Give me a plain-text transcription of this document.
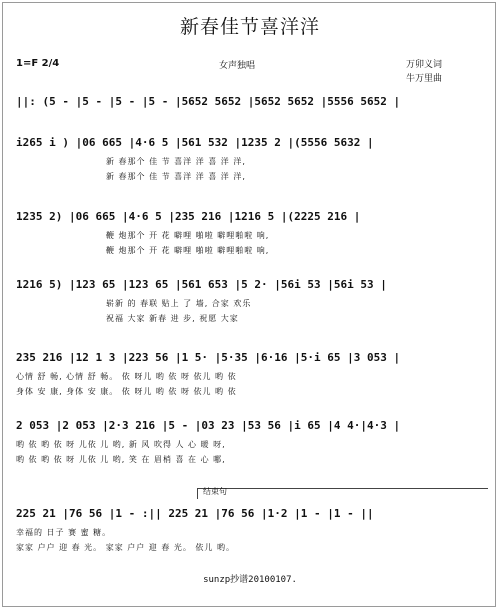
新春佳节喜洋洋
1=F 2/4	女声独唱	万卯义词
牛万里曲
||: (5 - |5 - |5 - |5 - |5652 5652 |5652 5652 |5556 5652 |
i265 i ) |06 665 |4·6 5 |561 532 |1235 2 |(5556 5632 |
新 春那个 佳 节 喜洋 洋 喜 洋 洋,
新 春那个 佳 节 喜洋 洋 喜 洋 洋,
1235 2) |06 665 |4·6 5 |235 216 |1216 5 |(2225 216 |
鞭 炮那个 开 花 噼哩 啪啦 噼哩啪啦 响,
鞭 炮那个 开 花 噼哩 啪啦 噼哩啪啦 响,
1216 5) |123 65 |123 65 |561 653 |5 2· |56i 53 |56i 53 |
崭新 的 春联 贴上 了 墙, 合家 欢乐
祝福 大家 新春 进 步, 祝愿 大家
235 216 |12 1 3 |223 56 |1 5· |5·35 |6·16 |5·i 65 |3 053 |
心情 舒 畅, 心情 舒 畅。 依 呀儿 哟 依 呀 依儿 哟 依
身体 安 康, 身体 安 康。 依 呀儿 哟 依 呀 依儿 哟 依
2 053 |2 053 |2·3 216 |5 - |03 23 |53 56 |i 65 |4 4·|4·3 |
哟 依 哟 依 呀 儿依 儿 哟, 新 风 吹得 人 心 暖 呀,
哟 依 哟 依 呀 儿依 儿 哟, 笑 在 眉梢 喜 在 心 哪,
结束句
225 21 |76 56 |1 - :|| 225 21 |76 56 |1·2 |1 - |1 - ||
幸福的 日子 赛 蜜 糖。
家家 户户 迎 春 光。 家家 户户 迎 春 光。 依儿 哟。
sunzp抄谱20100107.
